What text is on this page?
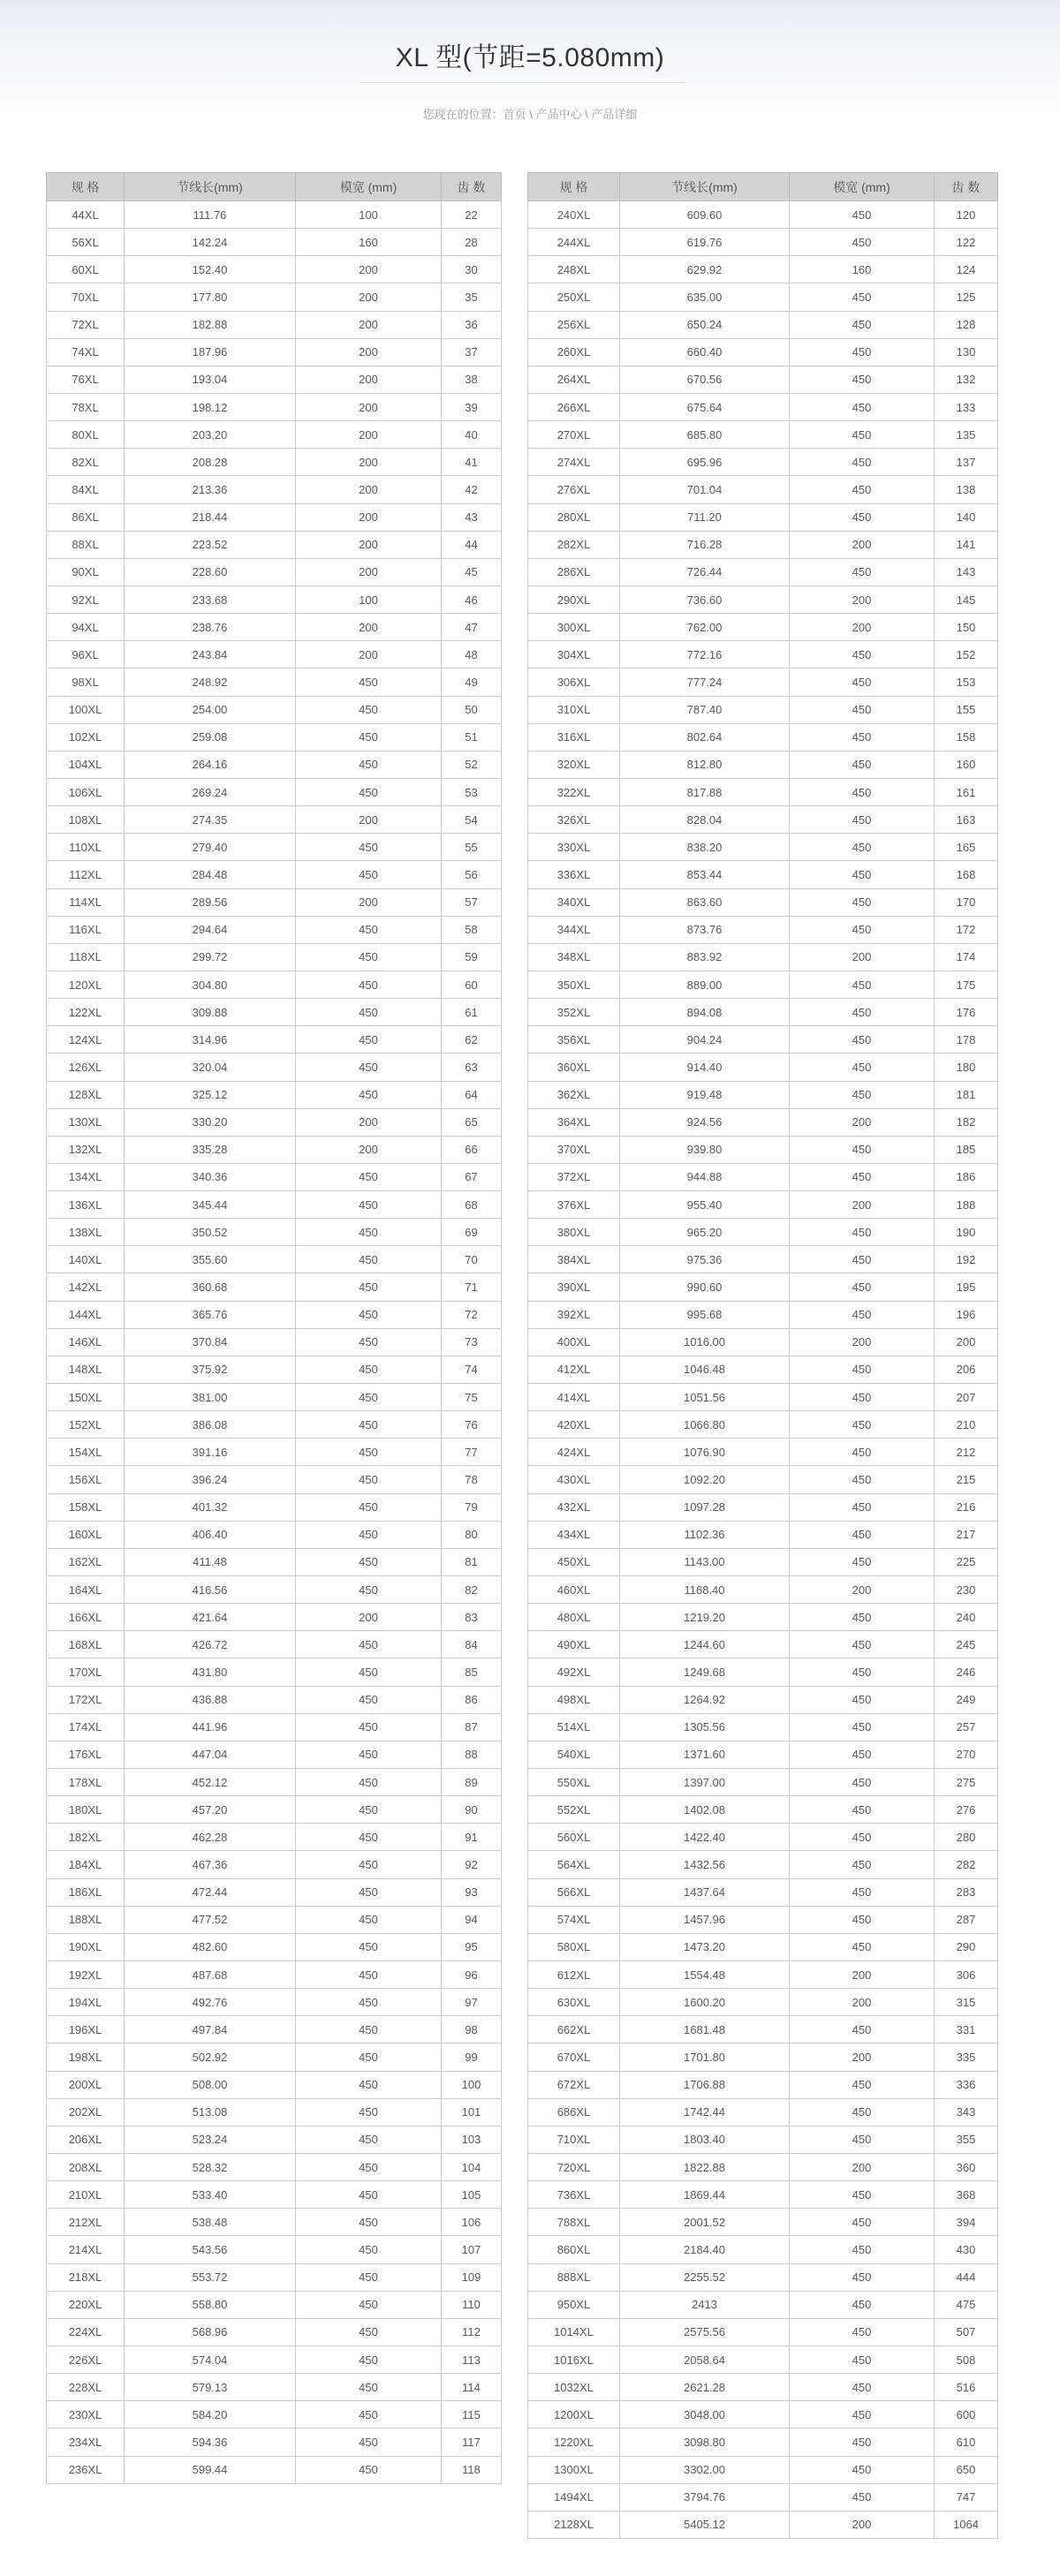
XL 型(节距=5.080mm)
您现在的位置：首页 \ 产品中心 \ 产品详细
规 格	节线长(mm)	模宽 (mm)	齿 数
44XL	111.76	100	22
56XL	142.24	160	28
60XL	152.40	200	30
70XL	177.80	200	35
72XL	182.88	200	36
74XL	187.96	200	37
76XL	193.04	200	38
78XL	198.12	200	39
80XL	203.20	200	40
82XL	208.28	200	41
84XL	213.36	200	42
86XL	218.44	200	43
88XL	223.52	200	44
90XL	228.60	200	45
92XL	233.68	100	46
94XL	238.76	200	47
96XL	243.84	200	48
98XL	248.92	450	49
100XL	254.00	450	50
102XL	259.08	450	51
104XL	264.16	450	52
106XL	269.24	450	53
108XL	274.35	200	54
110XL	279.40	450	55
112XL	284.48	450	56
114XL	289.56	200	57
116XL	294.64	450	58
118XL	299.72	450	59
120XL	304.80	450	60
122XL	309.88	450	61
124XL	314.96	450	62
126XL	320.04	450	63
128XL	325.12	450	64
130XL	330.20	200	65
132XL	335.28	200	66
134XL	340.36	450	67
136XL	345.44	450	68
138XL	350.52	450	69
140XL	355.60	450	70
142XL	360.68	450	71
144XL	365.76	450	72
146XL	370.84	450	73
148XL	375.92	450	74
150XL	381.00	450	75
152XL	386.08	450	76
154XL	391.16	450	77
156XL	396.24	450	78
158XL	401.32	450	79
160XL	406.40	450	80
162XL	411.48	450	81
164XL	416.56	450	82
166XL	421.64	200	83
168XL	426.72	450	84
170XL	431.80	450	85
172XL	436.88	450	86
174XL	441.96	450	87
176XL	447.04	450	88
178XL	452.12	450	89
180XL	457.20	450	90
182XL	462.28	450	91
184XL	467.36	450	92
186XL	472.44	450	93
188XL	477.52	450	94
190XL	482.60	450	95
192XL	487.68	450	96
194XL	492.76	450	97
196XL	497.84	450	98
198XL	502.92	450	99
200XL	508.00	450	100
202XL	513.08	450	101
206XL	523.24	450	103
208XL	528.32	450	104
210XL	533.40	450	105
212XL	538.48	450	106
214XL	543.56	450	107
218XL	553.72	450	109
220XL	558.80	450	110
224XL	568.96	450	112
226XL	574.04	450	113
228XL	579.13	450	114
230XL	584.20	450	115
234XL	594.36	450	117
236XL	599.44	450	118
规 格	节线长(mm)	模宽 (mm)	齿 数
240XL	609.60	450	120
244XL	619.76	450	122
248XL	629.92	160	124
250XL	635.00	450	125
256XL	650.24	450	128
260XL	660.40	450	130
264XL	670.56	450	132
266XL	675.64	450	133
270XL	685.80	450	135
274XL	695.96	450	137
276XL	701.04	450	138
280XL	711.20	450	140
282XL	716.28	200	141
286XL	726.44	450	143
290XL	736.60	200	145
300XL	762.00	200	150
304XL	772.16	450	152
306XL	777.24	450	153
310XL	787.40	450	155
316XL	802.64	450	158
320XL	812.80	450	160
322XL	817.88	450	161
326XL	828.04	450	163
330XL	838.20	450	165
336XL	853.44	450	168
340XL	863.60	450	170
344XL	873.76	450	172
348XL	883.92	200	174
350XL	889.00	450	175
352XL	894.08	450	176
356XL	904.24	450	178
360XL	914.40	450	180
362XL	919.48	450	181
364XL	924.56	200	182
370XL	939.80	450	185
372XL	944.88	450	186
376XL	955.40	200	188
380XL	965.20	450	190
384XL	975.36	450	192
390XL	990.60	450	195
392XL	995.68	450	196
400XL	1016.00	200	200
412XL	1046.48	450	206
414XL	1051.56	450	207
420XL	1066.80	450	210
424XL	1076.90	450	212
430XL	1092.20	450	215
432XL	1097.28	450	216
434XL	1102.36	450	217
450XL	1143.00	450	225
460XL	1168.40	200	230
480XL	1219.20	450	240
490XL	1244.60	450	245
492XL	1249.68	450	246
498XL	1264.92	450	249
514XL	1305.56	450	257
540XL	1371.60	450	270
550XL	1397.00	450	275
552XL	1402.08	450	276
560XL	1422.40	450	280
564XL	1432.56	450	282
566XL	1437.64	450	283
574XL	1457.96	450	287
580XL	1473.20	450	290
612XL	1554.48	200	306
630XL	1600.20	200	315
662XL	1681.48	450	331
670XL	1701.80	200	335
672XL	1706.88	450	336
686XL	1742.44	450	343
710XL	1803.40	450	355
720XL	1822.88	200	360
736XL	1869.44	450	368
788XL	2001.52	450	394
860XL	2184.40	450	430
888XL	2255.52	450	444
950XL	2413	450	475
1014XL	2575.56	450	507
1016XL	2058.64	450	508
1032XL	2621.28	450	516
1200XL	3048.00	450	600
1220XL	3098.80	450	610
1300XL	3302.00	450	650
1494XL	3794.76	450	747
2128XL	5405.12	200	1064
